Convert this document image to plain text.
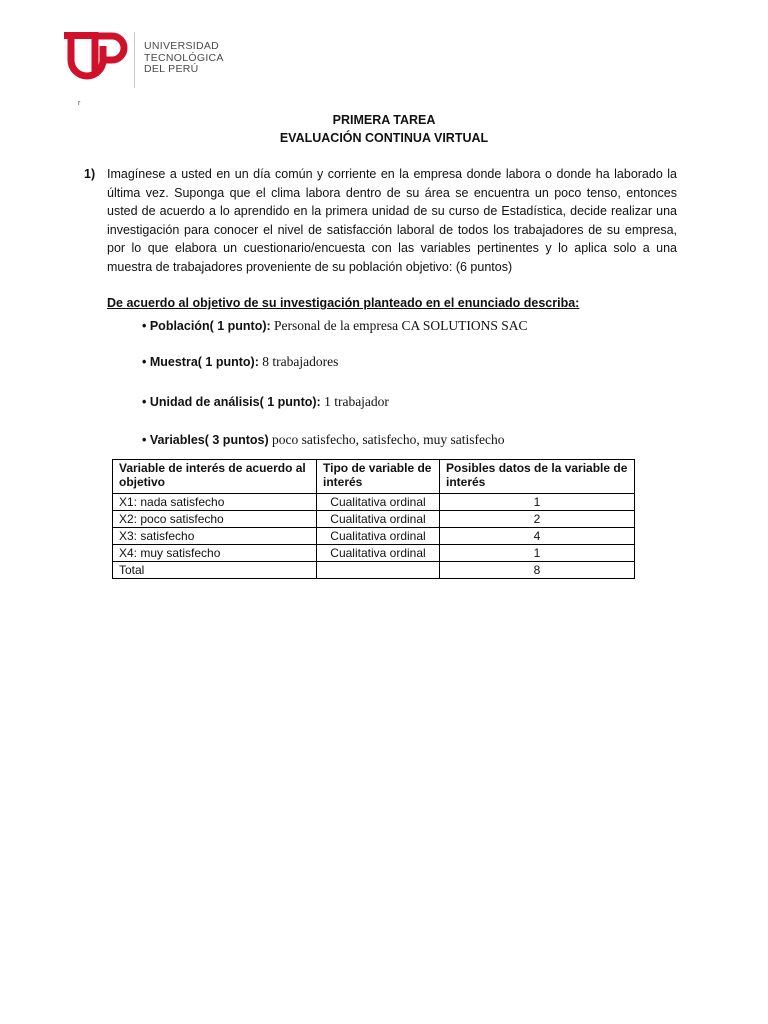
UNIVERSIDAD
TECNOLÓGICA
DEL PERÚ
r
PRIMERA TAREA
EVALUACIÓN CONTINUA VIRTUAL
1) Imagínese a usted en un día común y corriente en la empresa donde labora o donde ha laborado la última vez. Suponga que el clima labora dentro de su área se encuentra un poco tenso, entonces usted de acuerdo a lo aprendido en la primera unidad de su curso de Estadística, decide realizar una investigación para conocer el nivel de satisfacción laboral de todos los trabajadores de su empresa, por lo que elabora un cuestionario/encuesta con las variables pertinentes y lo aplica solo a una muestra de trabajadores proveniente de su población objetivo: (6 puntos)
De acuerdo al objetivo de su investigación planteado en el enunciado describa:
• Población( 1 punto): Personal de la empresa CA SOLUTIONS SAC
• Muestra( 1 punto): 8 trabajadores
• Unidad de análisis( 1 punto): 1 trabajador
• Variables( 3 puntos) poco satisfecho, satisfecho, muy satisfecho
Variable de interés de acuerdo al objetivo	Tipo de variable de interés	Posibles datos de la variable de interés
X1: nada satisfecho	Cualitativa ordinal	1
X2: poco satisfecho	Cualitativa ordinal	2
X3: satisfecho	Cualitativa ordinal	4
X4: muy satisfecho	Cualitativa ordinal	1
Total		8
